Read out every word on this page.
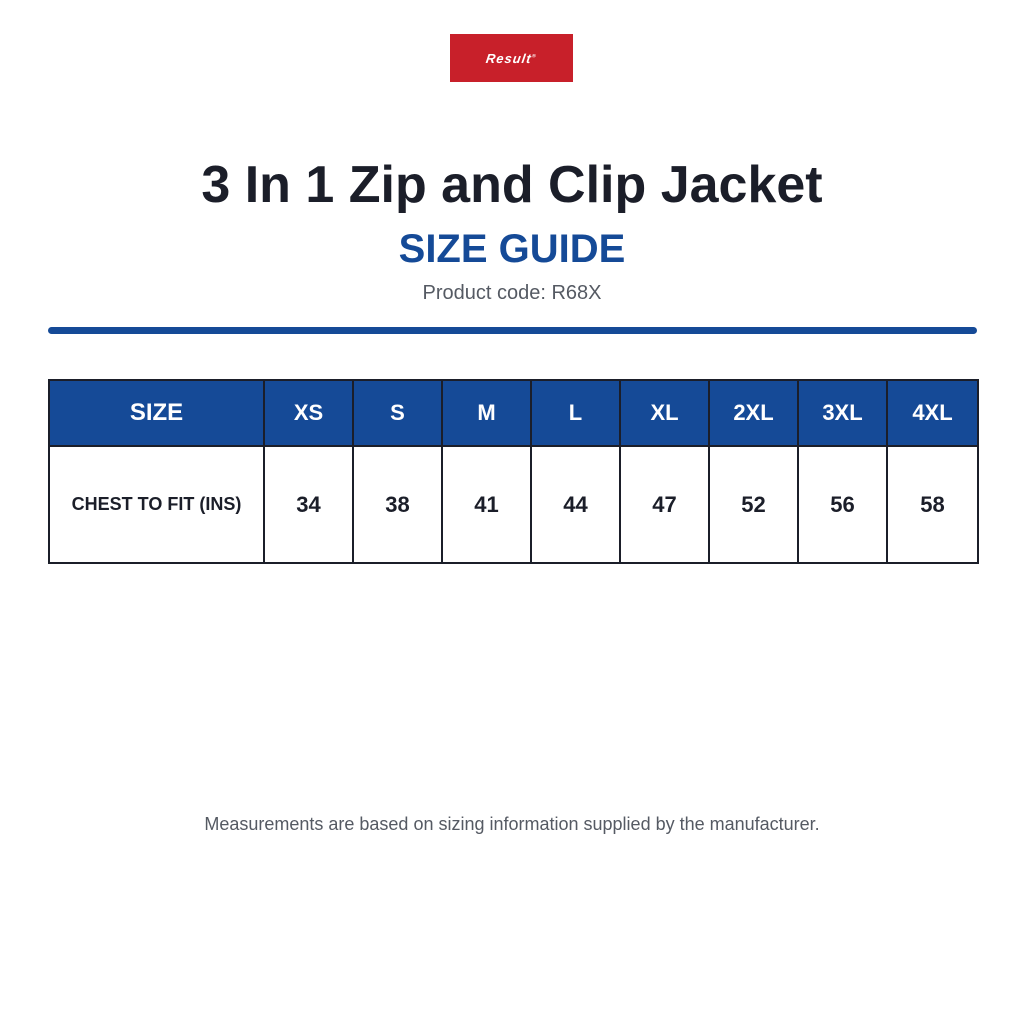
Result®
3 In 1 Zip and Clip Jacket
SIZE GUIDE
Product code: R68X
SIZE	XS	S	M	L	XL	2XL	3XL	4XL
CHEST TO FIT (INS)	34	38	41	44	47	52	56	58
Measurements are based on sizing information supplied by the manufacturer.
